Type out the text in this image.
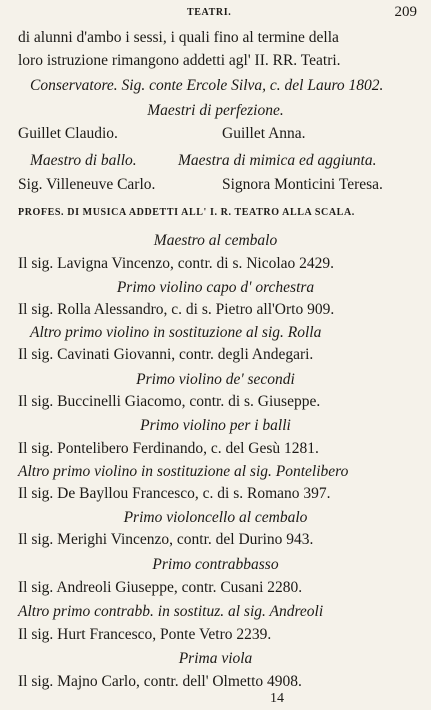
TEATRI.	209
di alunni d'ambo i sessi, i quali fino al termine della
loro istruzione rimangono addetti agl' II. RR. Teatri.
Conservatore. Sig. conte Ercole Silva, c. del Lauro 1802.
Maestri di perfezione.
Guillet Claudio.	Guillet Anna.
Maestro di ballo.	Maestra di mimica ed aggiunta.
Sig. Villeneuve Carlo.	Signora Monticini Teresa.
PROFES. DI MUSICA ADDETTI ALL' I. R. TEATRO ALLA SCALA.
Maestro al cembalo
Il sig. Lavigna Vincenzo, contr. di s. Nicolao 2429.
Primo violino capo d' orchestra
Il sig. Rolla Alessandro, c. di s. Pietro all'Orto 909.
Altro primo violino in sostituzione al sig. Rolla
Il sig. Cavinati Giovanni, contr. degli Andegari.
Primo violino de' secondi
Il sig. Buccinelli Giacomo, contr. di s. Giuseppe.
Primo violino per i balli
Il sig. Pontelibero Ferdinando, c. del Gesù 1281.
Altro primo violino in sostituzione al sig. Pontelibero
Il sig. De Bayllou Francesco, c. di s. Romano 397.
Primo violoncello al cembalo
Il sig. Merighi Vincenzo, contr. del Durino 943.
Primo contrabbasso
Il sig. Andreoli Giuseppe, contr. Cusani 2280.
Altro primo contrabb. in sostituz. al sig. Andreoli
Il sig. Hurt Francesco, Ponte Vetro 2239.
Prima viola
Il sig. Majno Carlo, contr. dell' Olmetto 4908.
14
